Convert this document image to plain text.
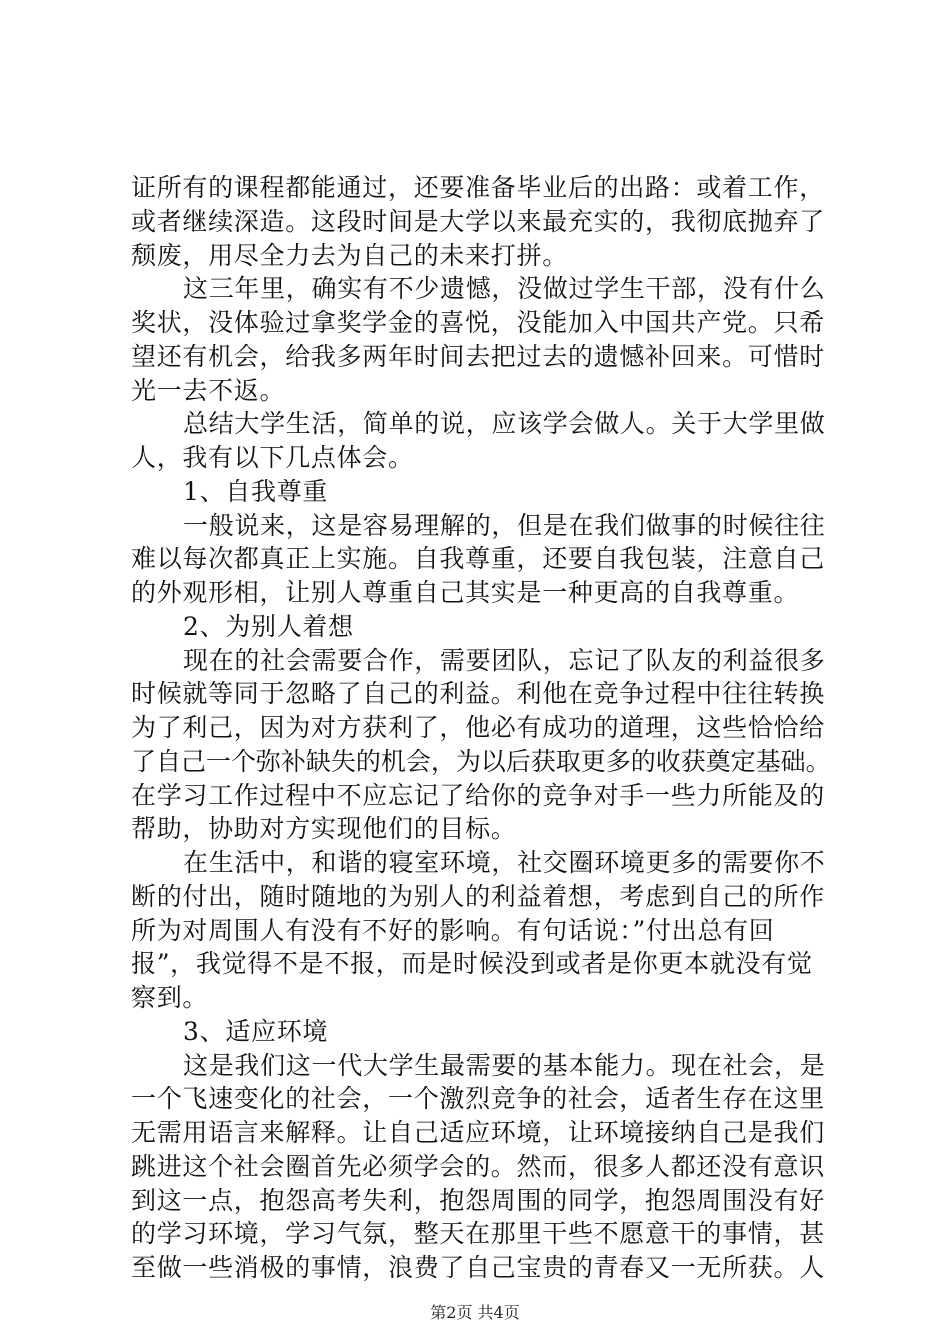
证所有的课程都能通过，还要准备毕业后的出路：或着工作，
或者继续深造。这段时间是大学以来最充实的，我彻底抛弃了
颓废，用尽全力去为自己的未来打拼。
这三年里，确实有不少遗憾，没做过学生干部，没有什么
奖状，没体验过拿奖学金的喜悦，没能加入中国共产党。只希
望还有机会，给我多两年时间去把过去的遗憾补回来。可惜时
光一去不返。
总结大学生活，简单的说，应该学会做人。关于大学里做
人，我有以下几点体会。
1、自我尊重
一般说来，这是容易理解的，但是在我们做事的时候往往
难以每次都真正上实施。自我尊重，还要自我包装，注意自己
的外观形相，让别人尊重自己其实是一种更高的自我尊重。
2、为别人着想
现在的社会需要合作，需要团队，忘记了队友的利益很多
时候就等同于忽略了自己的利益。利他在竞争过程中往往转换
为了利己，因为对方获利了，他必有成功的道理，这些恰恰给
了自己一个弥补缺失的机会，为以后获取更多的收获奠定基础。
在学习工作过程中不应忘记了给你的竞争对手一些力所能及的
帮助，协助对方实现他们的目标。
在生活中，和谐的寝室环境，社交圈环境更多的需要你不
断的付出，随时随地的为别人的利益着想，考虑到自己的所作
所为对周围人有没有不好的影响。有句话说：”付出总有回
报”，我觉得不是不报，而是时候没到或者是你更本就没有觉
察到。
3、适应环境
这是我们这一代大学生最需要的基本能力。现在社会，是
一个飞速变化的社会，一个激烈竞争的社会，适者生存在这里
无需用语言来解释。让自己适应环境，让环境接纳自己是我们
跳进这个社会圈首先必须学会的。然而，很多人都还没有意识
到这一点，抱怨高考失利，抱怨周围的同学，抱怨周围没有好
的学习环境，学习气氛，整天在那里干些不愿意干的事情，甚
至做一些消极的事情，浪费了自己宝贵的青春又一无所获。人
第2页 共4页
